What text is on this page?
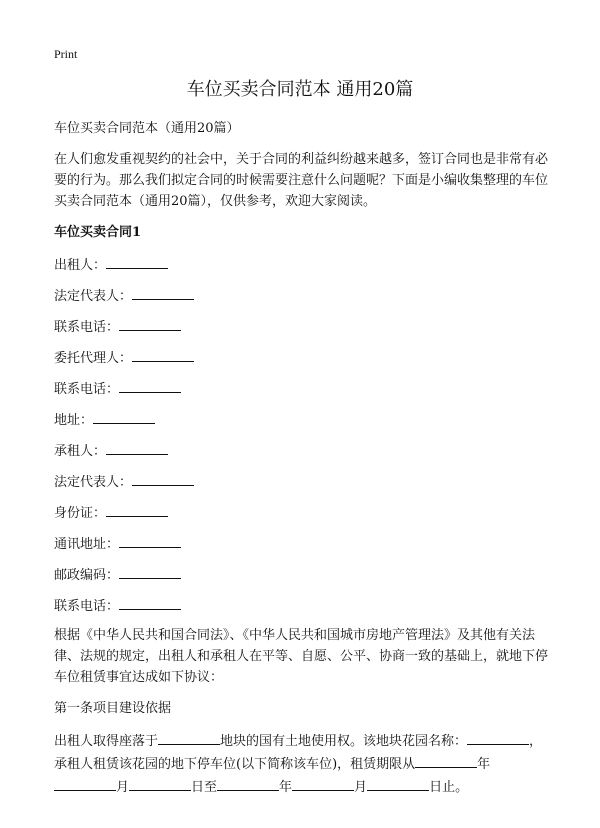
Print
车位买卖合同范本 通用20篇

车位买卖合同范本（通用20篇）

在人们愈发重视契约的社会中，关于合同的利益纠纷越来越多，签订合同也是非常有必要的行为。那么我们拟定合同的时候需要注意什么问题呢？下面是小编收集整理的车位买卖合同范本（通用20篇），仅供参考，欢迎大家阅读。

车位买卖合同1

出租人：

法定代表人：

联系电话：

委托代理人：

联系电话：

地址：

承租人：

法定代表人：

身份证：

通讯地址：

邮政编码：

联系电话：

根据《中华人民共和国合同法》、《中华人民共和国城市房地产管理法》及其他有关法律、法规的规定，出租人和承租人在平等、自愿、公平、协商一致的基础上，就地下停车位租赁事宜达成如下协议：

第一条项目建设依据

出租人取得座落于	地块的国有土地使用权。该地块花园名称：	，承租人租赁该花园的地下停车位(以下简称该车位)，租赁期限从	年月	日至	年	月	日止。
